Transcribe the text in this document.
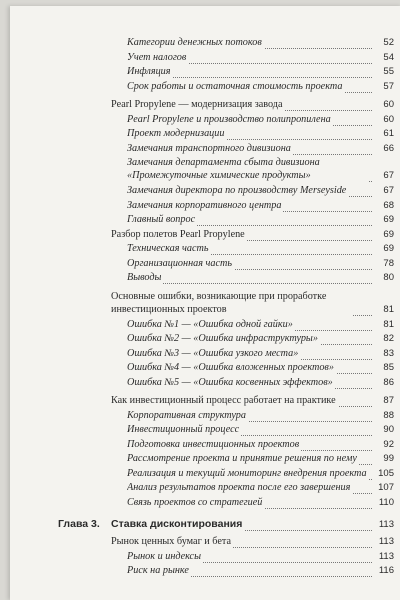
Категории денежных потоков	52
Учет налогов	54
Инфляция	55
Срок работы и остаточная стоимость проекта	57
Pearl Propylene — модернизация завода	60
Pearl Propylene и производство полипропилена	60
Проект модернизации	61
Замечания транспортного дивизиона	66
Замечания департамента сбыта дивизиона «Промежуточные химические продукты»	67
Замечания директора по производству Merseyside	67
Замечания корпоративного центра	68
Главный вопрос	69
Разбор полетов Pearl Propylene	69
Техническая часть	69
Организационная часть	78
Выводы	80
Основные ошибки, возникающие при проработке инвестиционных проектов	81
Ошибка №1 — «Ошибка одной гайки»	81
Ошибка №2 — «Ошибка инфраструктуры»	82
Ошибка №3 — «Ошибка узкого места»	83
Ошибка №4 — «Ошибка вложенных проектов»	85
Ошибка №5 — «Ошибка косвенных эффектов»	86
Как инвестиционный процесс работает на практике	87
Корпоративная структура	88
Инвестиционный процесс	90
Подготовка инвестиционных проектов	92
Рассмотрение проекта и принятие решения по нему	99
Реализация и текущий мониторинг внедрения проекта	105
Анализ результатов проекта после его завершения	107
Связь проектов со стратегией	110
Глава 3. Ставка дисконтирования	113
Рынок ценных бумаг и бета	113
Рынок и индексы	113
Риск на рынке	116
